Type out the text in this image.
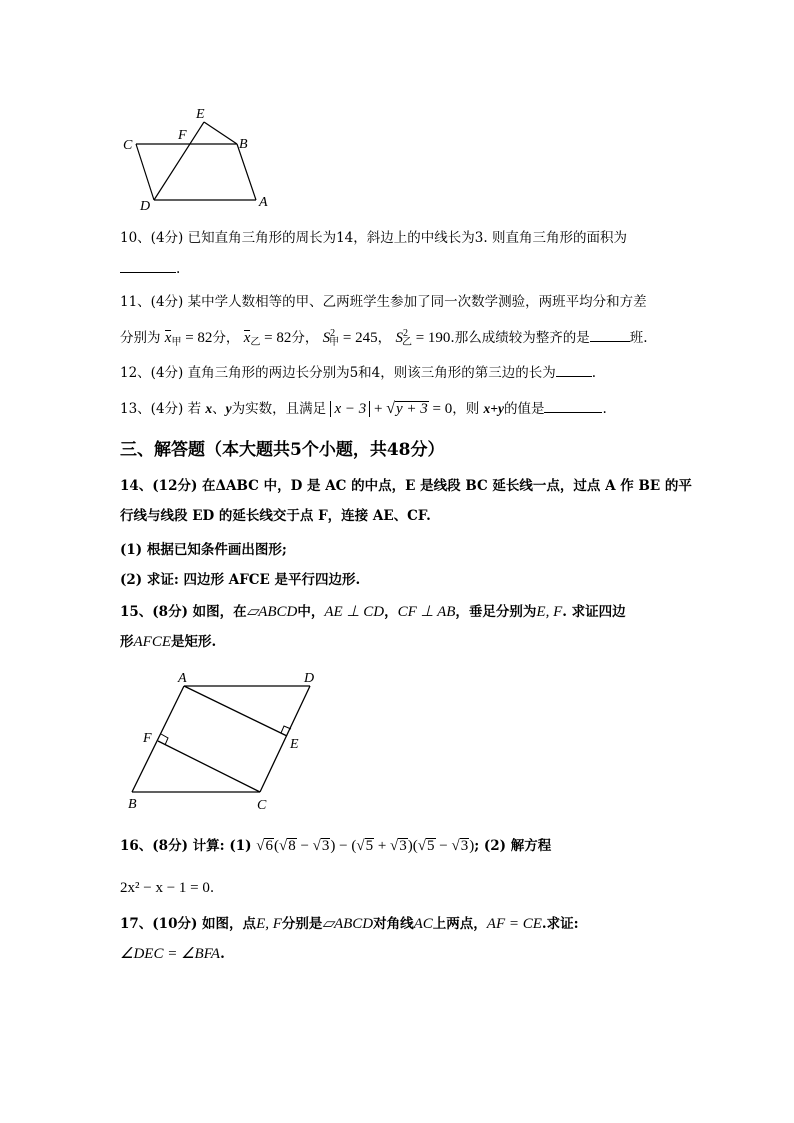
C
F
E
B
D	A
10、(4分) 已知直角三角形的周长为14，斜边上的中线长为3. 则直角三角形的面积为
.
11、(4分) 某中学人数相等的甲、乙两班学生参加了同一次数学测验，两班平均分和方差
分别为 $x_甲 = 82$分， $x_乙 = 82$分， $S^2_甲 = 245$， $S^2_乙 = 190$.那么成绩较为整齐的是	班.
12、(4分) 直角三角形的两边长分别为5和4，则该三角形的第三边的长为	.
13、(4分) 若 x、y为实数，且满足 x − 3 + √y + 3 = 0，则 x+y的值是	.
三、解答题（本大题共5个小题，共48分）
14、(12分) 在ΔABC 中，D 是 AC 的中点，E 是线段 BC 延长线一点，过点 A 作 BE 的平
行线与线段 ED 的延长线交于点 F，连接 AE、CF.
(1) 根据已知条件画出图形;
(2) 求证: 四边形 AFCE 是平行四边形.
15、(8分) 如图，在▱ABCD中，AE ⊥ CD，CF ⊥ AB，垂足分别为E, F. 求证四边
形AFCE是矩形.
A	D
F	E
B	C
16、(8分) 计算: (1) √6(√8 − √3) − (√5 + √3)(√5 − √3); (2) 解方程
2x² − x − 1 = 0.
17、(10分) 如图，点E, F分别是▱ABCD对角线AC上两点，AF = CE.求证:
∠DEC = ∠BFA.
